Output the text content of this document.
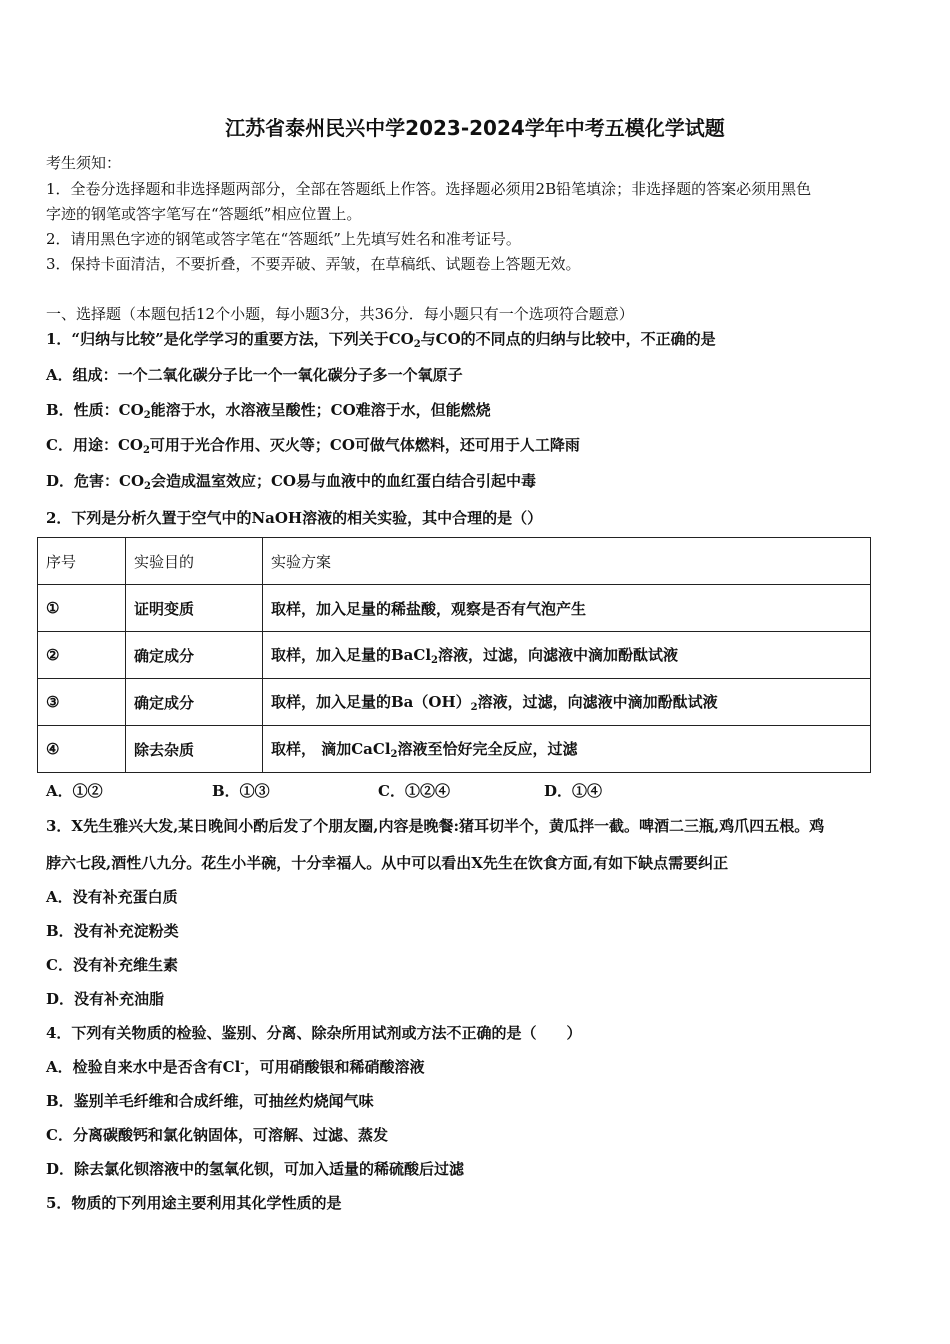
江苏省泰州民兴中学2023-2024学年中考五模化学试题
考生须知：
1．全卷分选择题和非选择题两部分，全部在答题纸上作答。选择题必须用2B铅笔填涂；非选择题的答案必须用黑色
字迹的钢笔或答字笔写在“答题纸”相应位置上。
2．请用黑色字迹的钢笔或答字笔在“答题纸”上先填写姓名和准考证号。
3．保持卡面清洁，不要折叠，不要弄破、弄皱，在草稿纸、试题卷上答题无效。
一、选择题（本题包括12个小题，每小题3分，共36分．每小题只有一个选项符合题意）
1．“归纳与比较”是化学学习的重要方法，下列关于$CO_2$与CO的不同点的归纳与比较中，不正确的是
A．组成：一个二氧化碳分子比一个一氧化碳分子多一个氧原子
B．性质：$CO_2$能溶于水，水溶液呈酸性；CO难溶于水，但能燃烧
C．用途：$CO_2$可用于光合作用、灭火等；CO可做气体燃料，还可用于人工降雨
D．危害：$CO_2$会造成温室效应；CO易与血液中的血红蛋白结合引起中毒
2．下列是分析久置于空气中的NaOH溶液的相关实验，其中合理的是（）
序号	实验目的	实验方案
①	证明变质	取样，加入足量的稀盐酸，观察是否有气泡产生
②	确定成分	取样，加入足量的BaCl$_2$溶液，过滤，向滤液中滴加酚酞试液
③	确定成分	取样，加入足量的$Ba(OH)_2$溶液，过滤，向滤液中滴加酚酞试液
④	除去杂质	取样， 滴加CaCl$_2$溶液至恰好完全反应，过滤
A．①②	B．①③	C．①②④	D．①④
3．X先生雅兴大发,某日晚间小酌后发了个朋友圈,内容是晚餐:猪耳切半个，黄瓜拌一截。啤酒二三瓶,鸡爪四五根。鸡
脖六七段,酒性八九分。花生小半碗，十分幸福人。从中可以看出X先生在饮食方面,有如下缺点需要纠正
A．没有补充蛋白质
B．没有补充淀粉类
C．没有补充维生素
D．没有补充油脂
4．下列有关物质的检验、鉴别、分离、除杂所用试剂或方法不正确的是（　　）
A．检验自来水中是否含有Cl-，可用硝酸银和稀硝酸溶液
B．鉴别羊毛纤维和合成纤维，可抽丝灼烧闻气味
C．分离碳酸钙和氯化钠固体，可溶解、过滤、蒸发
D．除去氯化钡溶液中的氢氧化钡，可加入适量的稀硫酸后过滤
5．物质的下列用途主要利用其化学性质的是
